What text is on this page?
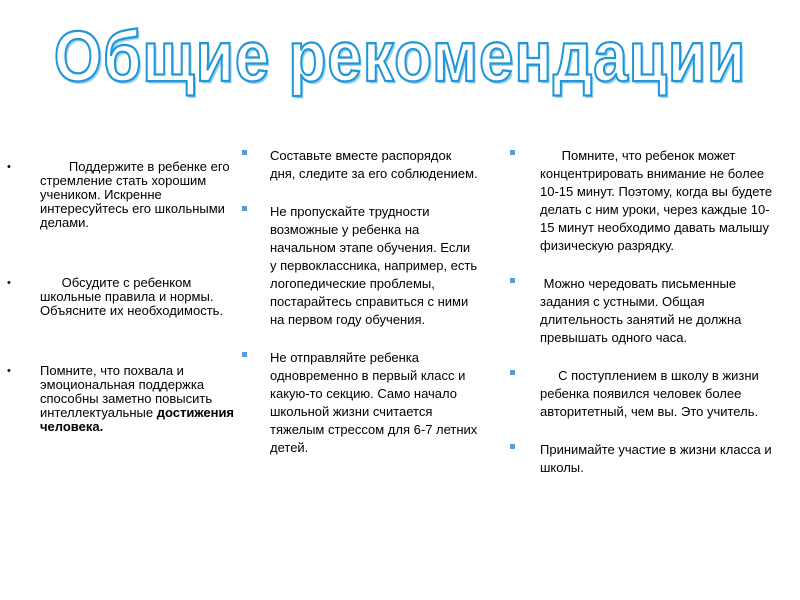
Общие рекомендации
•	Поддержите в ребенке его стремление стать хорошим учеником. Искренне интересуйтесь его школьными делами.
•	Обсудите с ребенком школьные правила и нормы. Объясните их необходимость.
• Помните, что похвала и эмоциональная поддержка способны заметно повысить интеллектуальные достижения человека.
Составьте вместе распорядок дня, следите за его соблюдением.
Не пропускайте трудности возможные у ребенка на начальном этапе обучения. Если у первоклассника, например, есть логопедические проблемы, постарайтесь справиться с ними на первом году обучения.
Не отправляйте ребенка одновременно в первый класс и какую-то секцию. Само начало школьной жизни считается тяжелым стрессом для 6-7 летних детей.
Помните, что ребенок может концентрировать внимание не более 10-15 минут. Поэтому, когда вы будете делать с ним уроки, через каждые 10-15 минут необходимо давать малышу физическую разрядку.
Можно чередовать письменные задания с устными. Общая длительность занятий не должна превышать одного часа.
С поступлением в школу в жизни ребенка появился человек более авторитетный, чем вы. Это учитель.
Принимайте участие в жизни класса и школы.
